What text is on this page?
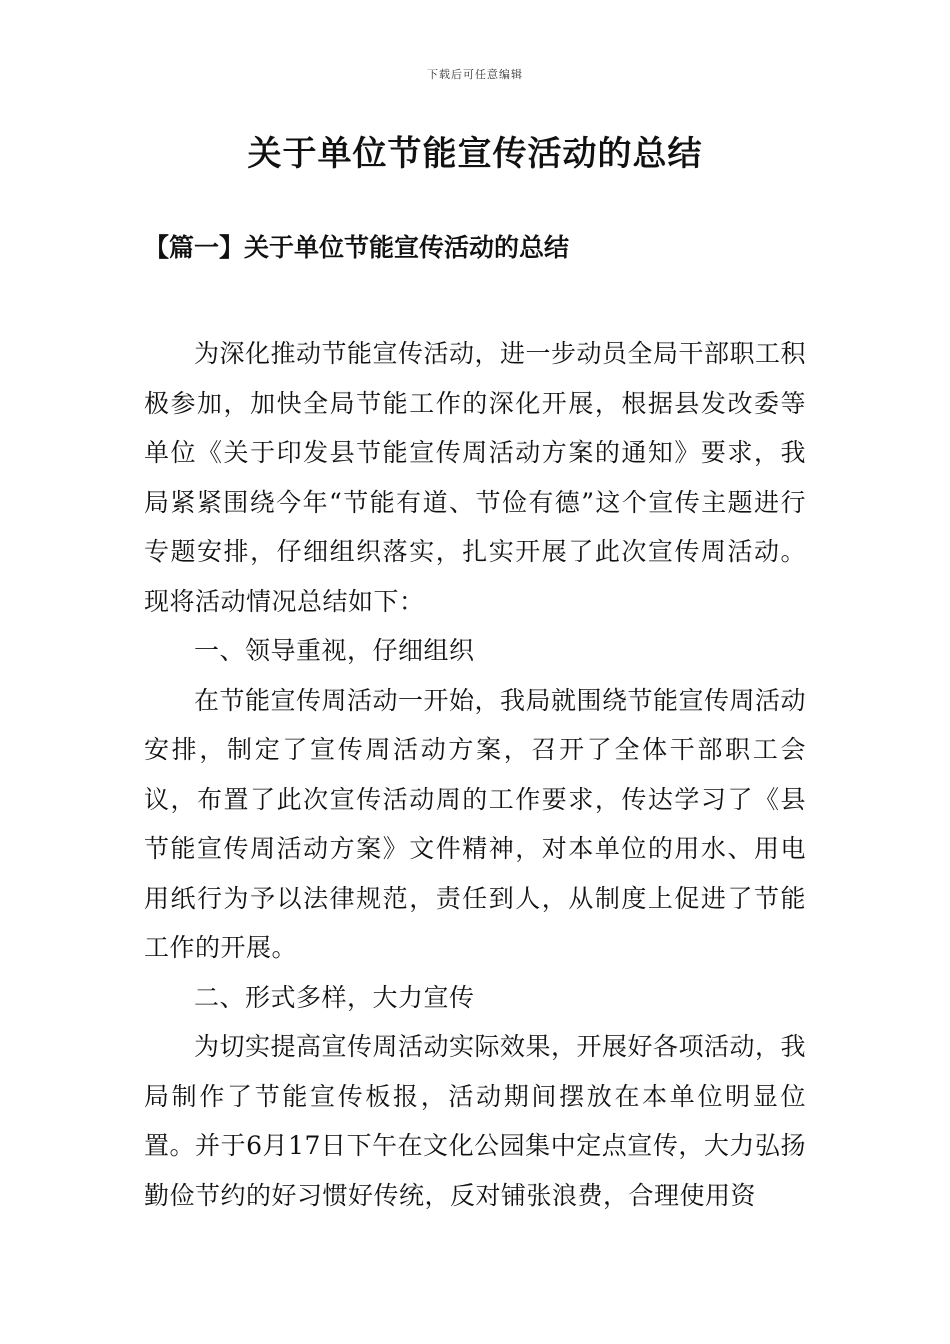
下载后可任意编辑
关于单位节能宣传活动的总结
【篇一】关于单位节能宣传活动的总结

为深化推动节能宣传活动，进一步动员全局干部职工积极参加，加快全局节能工作的深化开展，根据县发改委等单位《关于印发县节能宣传周活动方案的通知》要求，我局紧紧围绕今年“节能有道、节俭有德”这个宣传主题进行专题安排，仔细组织落实，扎实开展了此次宣传周活动。现将活动情况总结如下：

一、领导重视，仔细组织

在节能宣传周活动一开始，我局就围绕节能宣传周活动安排，制定了宣传周活动方案，召开了全体干部职工会议，布置了此次宣传活动周的工作要求，传达学习了《县节能宣传周活动方案》文件精神，对本单位的用水、用电用纸行为予以法律规范，责任到人，从制度上促进了节能工作的开展。

二、形式多样，大力宣传

为切实提高宣传周活动实际效果，开展好各项活动，我局制作了节能宣传板报，活动期间摆放在本单位明显位置。并于6月17日下午在文化公园集中定点宣传，大力弘扬勤俭节约的好习惯好传统，反对铺张浪费，合理使用资
